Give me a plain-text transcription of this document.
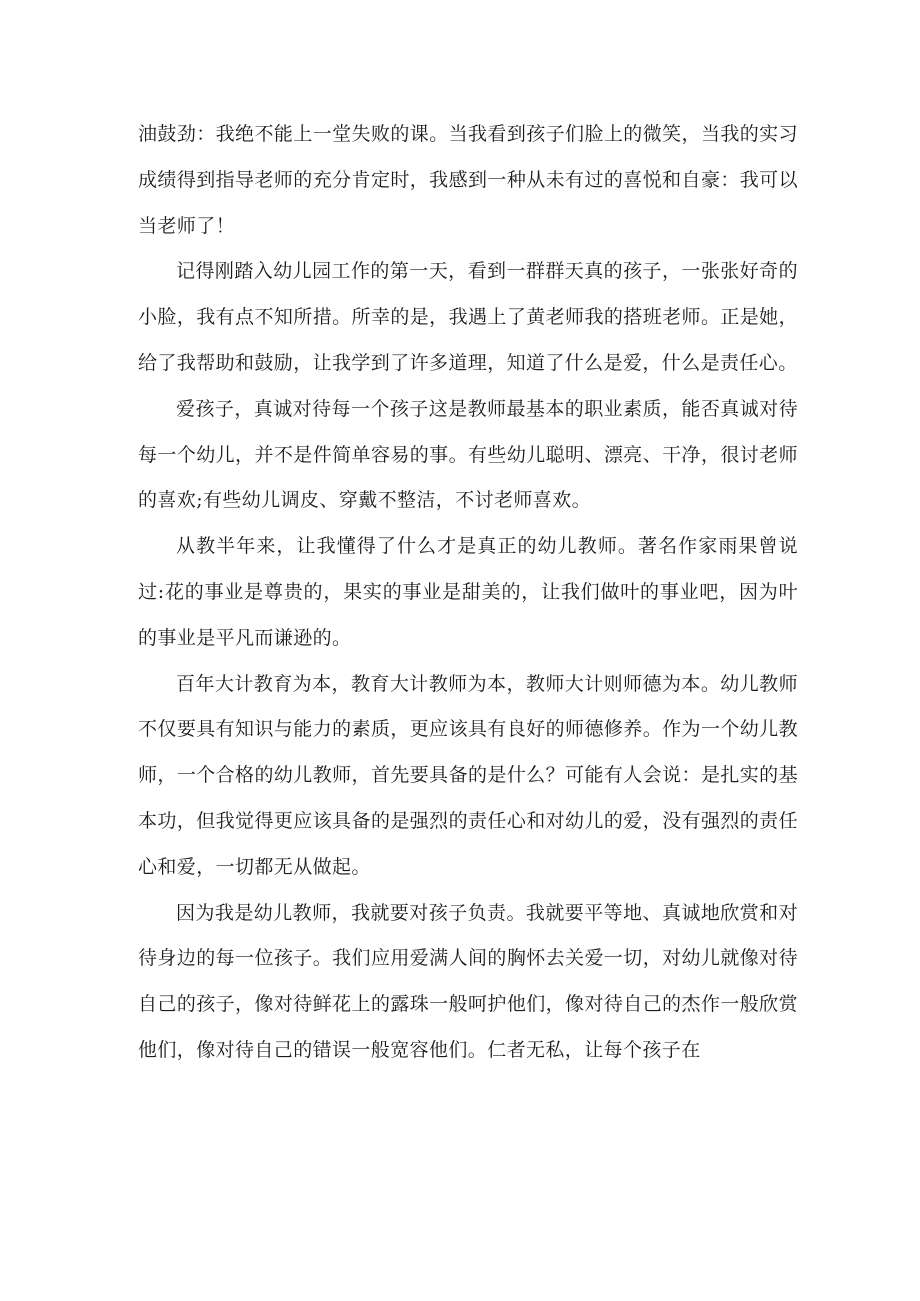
油鼓劲：我绝不能上一堂失败的课。当我看到孩子们脸上的微笑，当我的实习成绩得到指导老师的充分肯定时，我感到一种从未有过的喜悦和自豪：我可以当老师了！

记得刚踏入幼儿园工作的第一天，看到一群群天真的孩子，一张张好奇的小脸，我有点不知所措。所幸的是，我遇上了黄老师我的搭班老师。正是她，给了我帮助和鼓励，让我学到了许多道理，知道了什么是爱，什么是责任心。

爱孩子，真诚对待每一个孩子这是教师最基本的职业素质，能否真诚对待每一个幼儿，并不是件简单容易的事。有些幼儿聪明、漂亮、干净，很讨老师的喜欢;有些幼儿调皮、穿戴不整洁，不讨老师喜欢。

从教半年来，让我懂得了什么才是真正的幼儿教师。著名作家雨果曾说过:花的事业是尊贵的，果实的事业是甜美的，让我们做叶的事业吧，因为叶的事业是平凡而谦逊的。

百年大计教育为本，教育大计教师为本，教师大计则师德为本。幼儿教师不仅要具有知识与能力的素质，更应该具有良好的师德修养。作为一个幼儿教师，一个合格的幼儿教师，首先要具备的是什么？可能有人会说：是扎实的基本功，但我觉得更应该具备的是强烈的责任心和对幼儿的爱，没有强烈的责任心和爱，一切都无从做起。

因为我是幼儿教师，我就要对孩子负责。我就要平等地、真诚地欣赏和对待身边的每一位孩子。我们应用爱满人间的胸怀去关爱一切，对幼儿就像对待自己的孩子，像对待鲜花上的露珠一般呵护他们，像对待自己的杰作一般欣赏他们，像对待自己的错误一般宽容他们。仁者无私，让每个孩子在
